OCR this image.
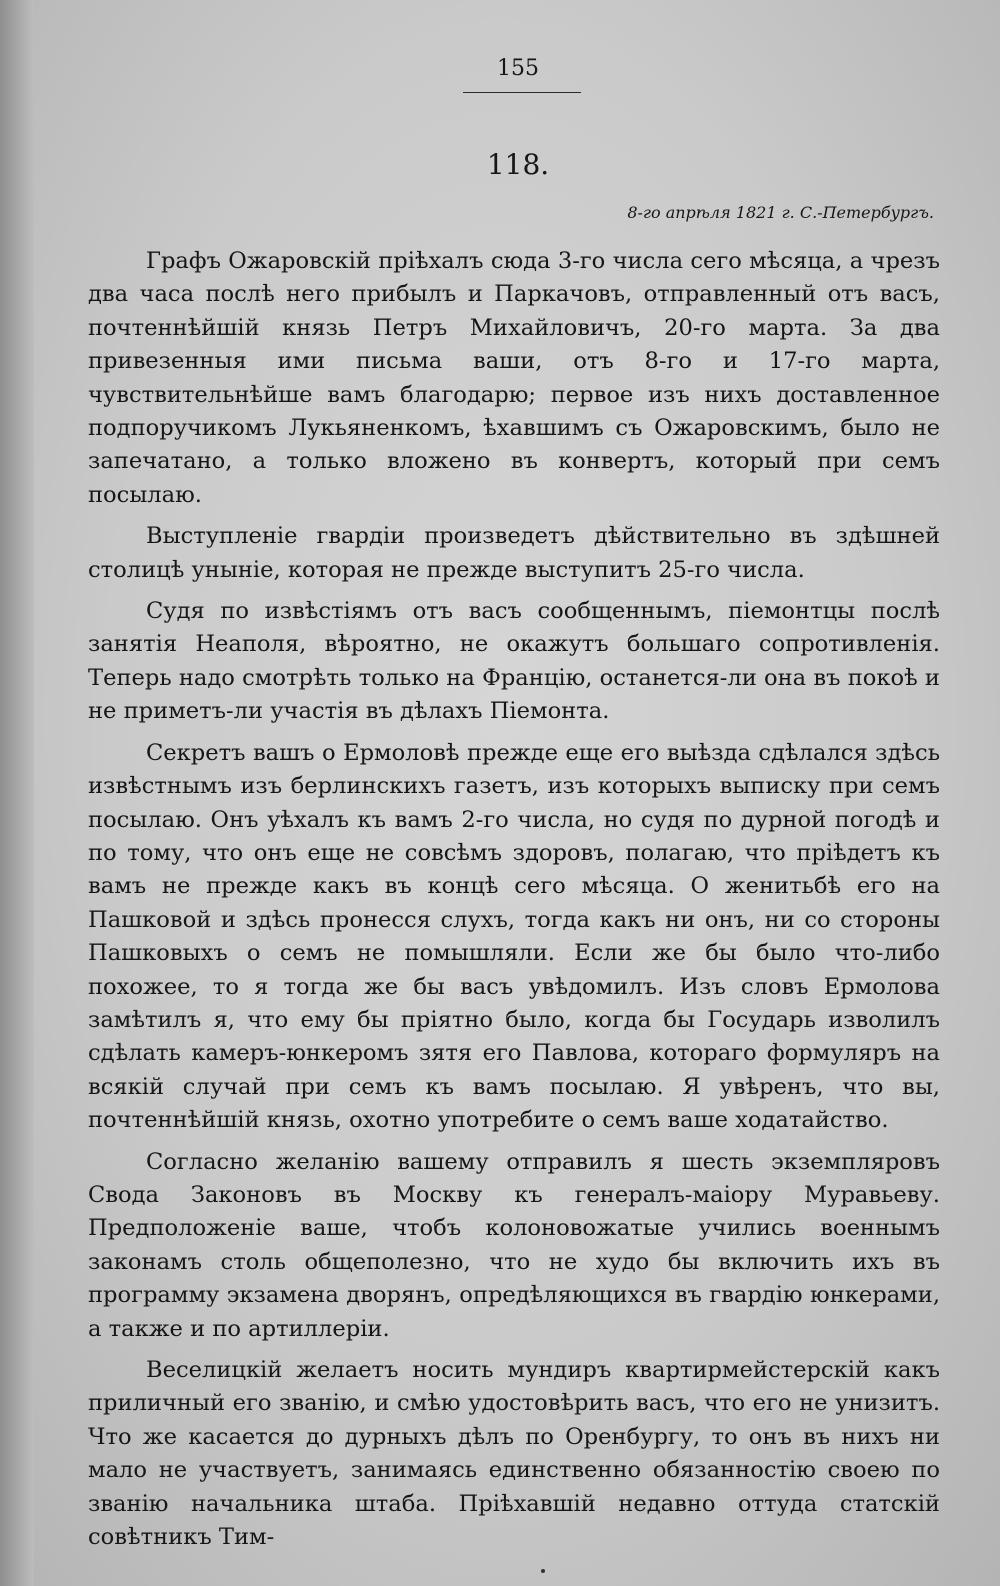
155
118.
8-го апрѣля 1821 г. С.-Петербургъ.

Графъ Ожаровскій пріѣхалъ сюда 3-го числа сего мѣсяца, а чрезъ два часа послѣ него прибылъ и Паркачовъ, отправленный отъ васъ, почтеннѣйшій князь Петръ Михайловичъ, 20-го марта. За два привезенныя ими письма ваши, отъ 8-го и 17-го марта, чувствительнѣйше вамъ благодарю; первое изъ нихъ доставленное подпоручикомъ Лукьяненкомъ, ѣхавшимъ съ Ожаровскимъ, было не запечатано, а только вложено въ конвертъ, который при семъ посылаю.

Выступленіе гвардіи произведетъ дѣйствительно въ здѣшней столицѣ уныніе, которая не прежде выступитъ 25-го числа.

Судя по извѣстіямъ отъ васъ сообщеннымъ, піемонтцы послѣ занятія Неаполя, вѣроятно, не окажутъ большаго сопротивленія. Теперь надо смотрѣть только на Францію, останется-ли она въ покоѣ и не приметъ-ли участія въ дѣлахъ Піемонта.

Секретъ вашъ о Ермоловѣ прежде еще его выѣзда сдѣлался здѣсь извѣстнымъ изъ берлинскихъ газетъ, изъ которыхъ выписку при семъ посылаю. Онъ уѣхалъ къ вамъ 2-го числа, но судя по дурной погодѣ и по тому, что онъ еще не совсѣмъ здоровъ, полагаю, что пріѣдетъ къ вамъ не прежде какъ въ концѣ сего мѣсяца. О женитьбѣ его на Пашковой и здѣсь пронесся слухъ, тогда какъ ни онъ, ни со стороны Пашковыхъ о семъ не помышляли. Если же бы было что-либо похожее, то я тогда же бы васъ увѣдомилъ. Изъ словъ Ермолова замѣтилъ я, что ему бы пріятно было, когда бы Государь изволилъ сдѣлать камеръ-юнкеромъ зятя его Павлова, котораго формуляръ на всякій случай при семъ къ вамъ посылаю. Я увѣренъ, что вы, почтеннѣйшій князь, охотно употребите о семъ ваше ходатайство.

Согласно желанію вашему отправилъ я шесть экземпляровъ Свода Законовъ въ Москву къ генералъ-маіору Муравьеву. Предположеніе ваше, чтобъ колоновожатые учились военнымъ законамъ столь общеполезно, что не худо бы включить ихъ въ программу экзамена дворянъ, опредѣляющихся въ гвардію юнкерами, а также и по артиллеріи.

Веселицкій желаетъ носить мундиръ квартирмейстерскій какъ приличный его званію, и смѣю удостовѣрить васъ, что его не унизитъ. Что же касается до дурныхъ дѣлъ по Оренбургу, то онъ въ нихъ ни мало не участвуетъ, занимаясь единственно обязанностію своею по званію начальника штаба. Пріѣхавшій недавно оттуда статскій совѣтникъ Тим-
